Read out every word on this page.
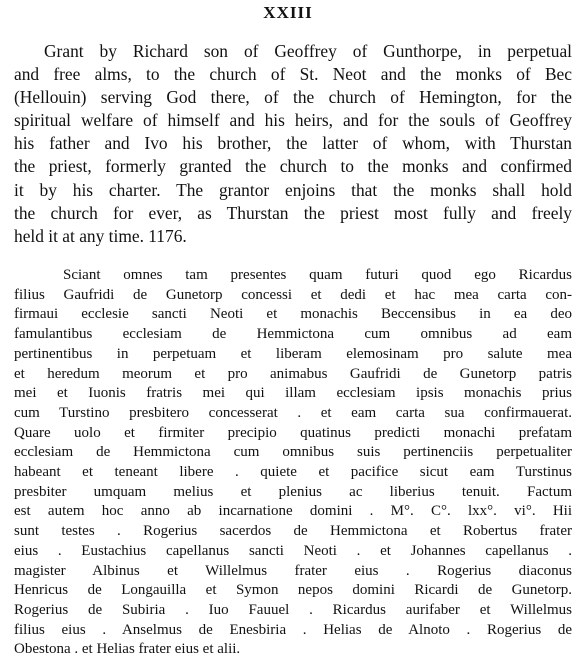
XXIII
Grant by Richard son of Geoffrey of Gunthorpe, in perpetual
and free alms, to the church of St. Neot and the monks of Bec
(Hellouin) serving God there, of the church of Hemington, for the
spiritual welfare of himself and his heirs, and for the souls of Geoffrey
his father and Ivo his brother, the latter of whom, with Thurstan
the priest, formerly granted the church to the monks and confirmed
it by his charter. The grantor enjoins that the monks shall hold
the church for ever, as Thurstan the priest most fully and freely
held it at any time. 1176.
Sciant omnes tam presentes quam futuri quod ego Ricardus
filius Gaufridi de Gunetorp concessi et dedi et hac mea carta con-
firmaui ecclesie sancti Neoti et monachis Beccensibus in ea deo
famulantibus ecclesiam de Hemmictona cum omnibus ad eam
pertinentibus in perpetuam et liberam elemosinam pro salute mea
et heredum meorum et pro animabus Gaufridi de Gunetorp patris
mei et Iuonis fratris mei qui illam ecclesiam ipsis monachis prius
cum Turstino presbitero concesserat . et eam carta sua confirmauerat.
Quare uolo et firmiter precipio quatinus predicti monachi prefatam
ecclesiam de Hemmictona cum omnibus suis pertinenciis perpetualiter
habeant et teneant libere . quiete et pacifice sicut eam Turstinus
presbiter umquam melius et plenius ac liberius tenuit. Factum
est autem hoc anno ab incarnatione domini . M°. C°. lxx°. vi°. Hii
sunt testes . Rogerius sacerdos de Hemmictona et Robertus frater
eius . Eustachius capellanus sancti Neoti . et Johannes capellanus .
magister Albinus et Willelmus frater eius . Rogerius diaconus
Henricus de Longauilla et Symon nepos domini Ricardi de Gunetorp.
Rogerius de Subiria . Iuo Fauuel . Ricardus aurifaber et Willelmus
filius eius . Anselmus de Enesbiria . Helias de Alnoto . Rogerius de
Obestona . et Helias frater eius et alii.
